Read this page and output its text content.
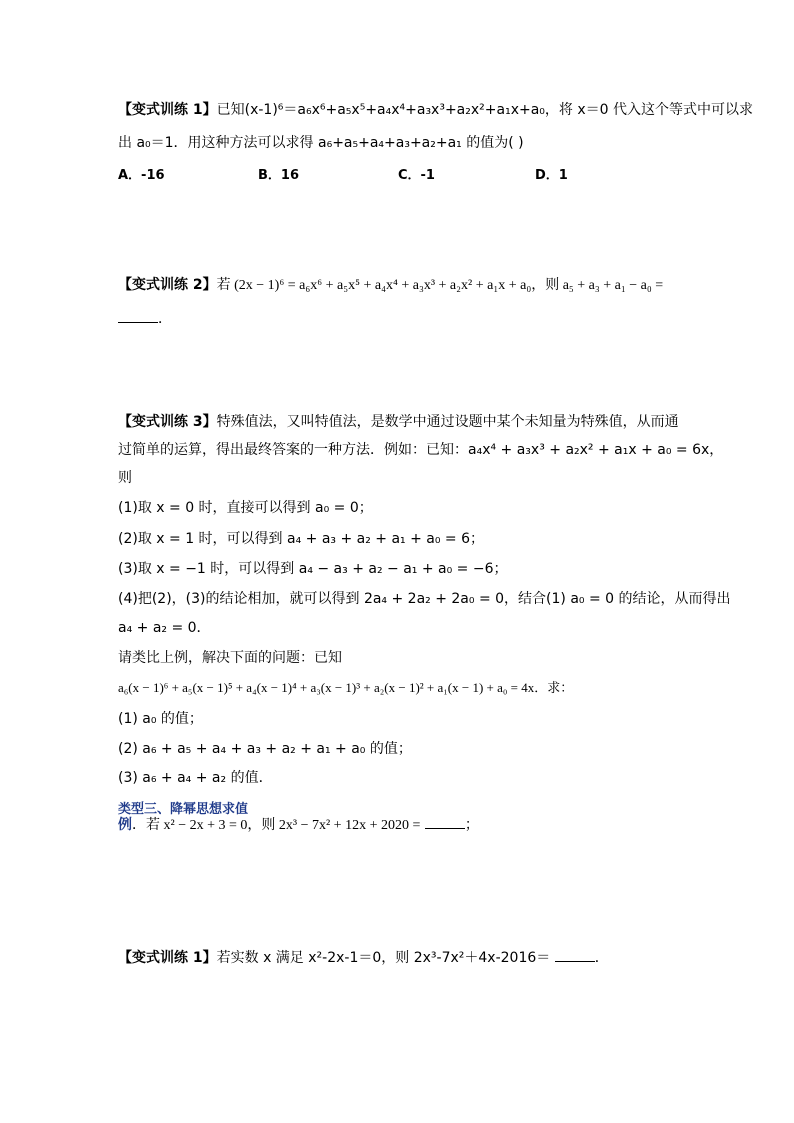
【变式训练 1】已知(x-1)⁶＝a₆x⁶+a₅x⁵+a₄x⁴+a₃x³+a₂x²+a₁x+a₀，将 x＝0 代入这个等式中可以求
出 a₀＝1．用这种方法可以求得 a₆+a₅+a₄+a₃+a₂+a₁ 的值为( )
A．-16	B．16	C．-1	D．1
【变式训练 2】若 (2x − 1)⁶ = a₆x⁶ + a₅x⁵ + a₄x⁴ + a₃x³ + a₂x² + a₁x + a₀，则 a₅ + a₃ + a₁ − a₀ =
．
【变式训练 3】特殊值法，又叫特值法，是数学中通过设题中某个未知量为特殊值，从而通
过简单的运算，得出最终答案的一种方法．例如：已知：a₄x⁴ + a₃x³ + a₂x² + a₁x + a₀ = 6x，
则
(1)取 x = 0 时，直接可以得到 a₀ = 0；
(2)取 x = 1 时，可以得到 a₄ + a₃ + a₂ + a₁ + a₀ = 6；
(3)取 x = −1 时，可以得到 a₄ − a₃ + a₂ − a₁ + a₀ = −6；
(4)把(2)，(3)的结论相加，就可以得到 2a₄ + 2a₂ + 2a₀ = 0，结合(1) a₀ = 0 的结论，从而得出
a₄ + a₂ = 0．
请类比上例，解决下面的问题：已知
a₆(x − 1)⁶ + a₅(x − 1)⁵ + a₄(x − 1)⁴ + a₃(x − 1)³ + a₂(x − 1)² + a₁(x − 1) + a₀ = 4x．求：
(1) a₀ 的值；
(2) a₆ + a₅ + a₄ + a₃ + a₂ + a₁ + a₀ 的值；
(3) a₆ + a₄ + a₂ 的值．
类型三、降幂思想求值
例．若 x² − 2x + 3 = 0，则 2x³ − 7x² + 12x + 2020 =	；
【变式训练 1】若实数 x 满足 x²-2x-1＝0，则 2x³-7x²＋4x-2016＝	．
